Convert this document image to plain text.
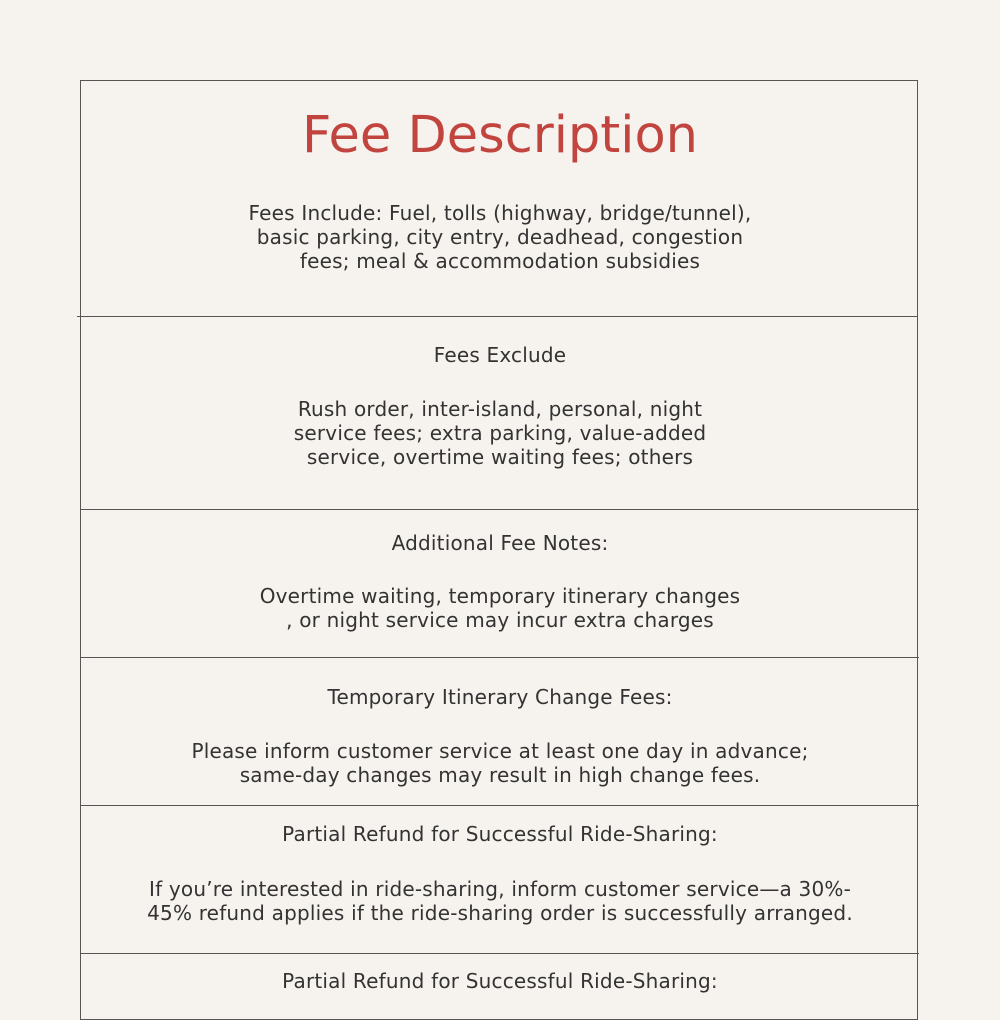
Fee Description
Fees Include: Fuel, tolls (highway, bridge/tunnel),
basic parking, city entry, deadhead, congestion
fees; meal & accommodation subsidies
Fees Exclude
Rush order, inter-island, personal, night
service fees; extra parking, value-added
service, overtime waiting fees; others
Additional Fee Notes:
Overtime waiting, temporary itinerary changes
, or night service may incur extra charges
Temporary Itinerary Change Fees:
Please inform customer service at least one day in advance;
same-day changes may result in high change fees.
Partial Refund for Successful Ride-Sharing:
If you’re interested in ride-sharing, inform customer service—a 30%-
45% refund applies if the ride-sharing order is successfully arranged.
Partial Refund for Successful Ride-Sharing:
